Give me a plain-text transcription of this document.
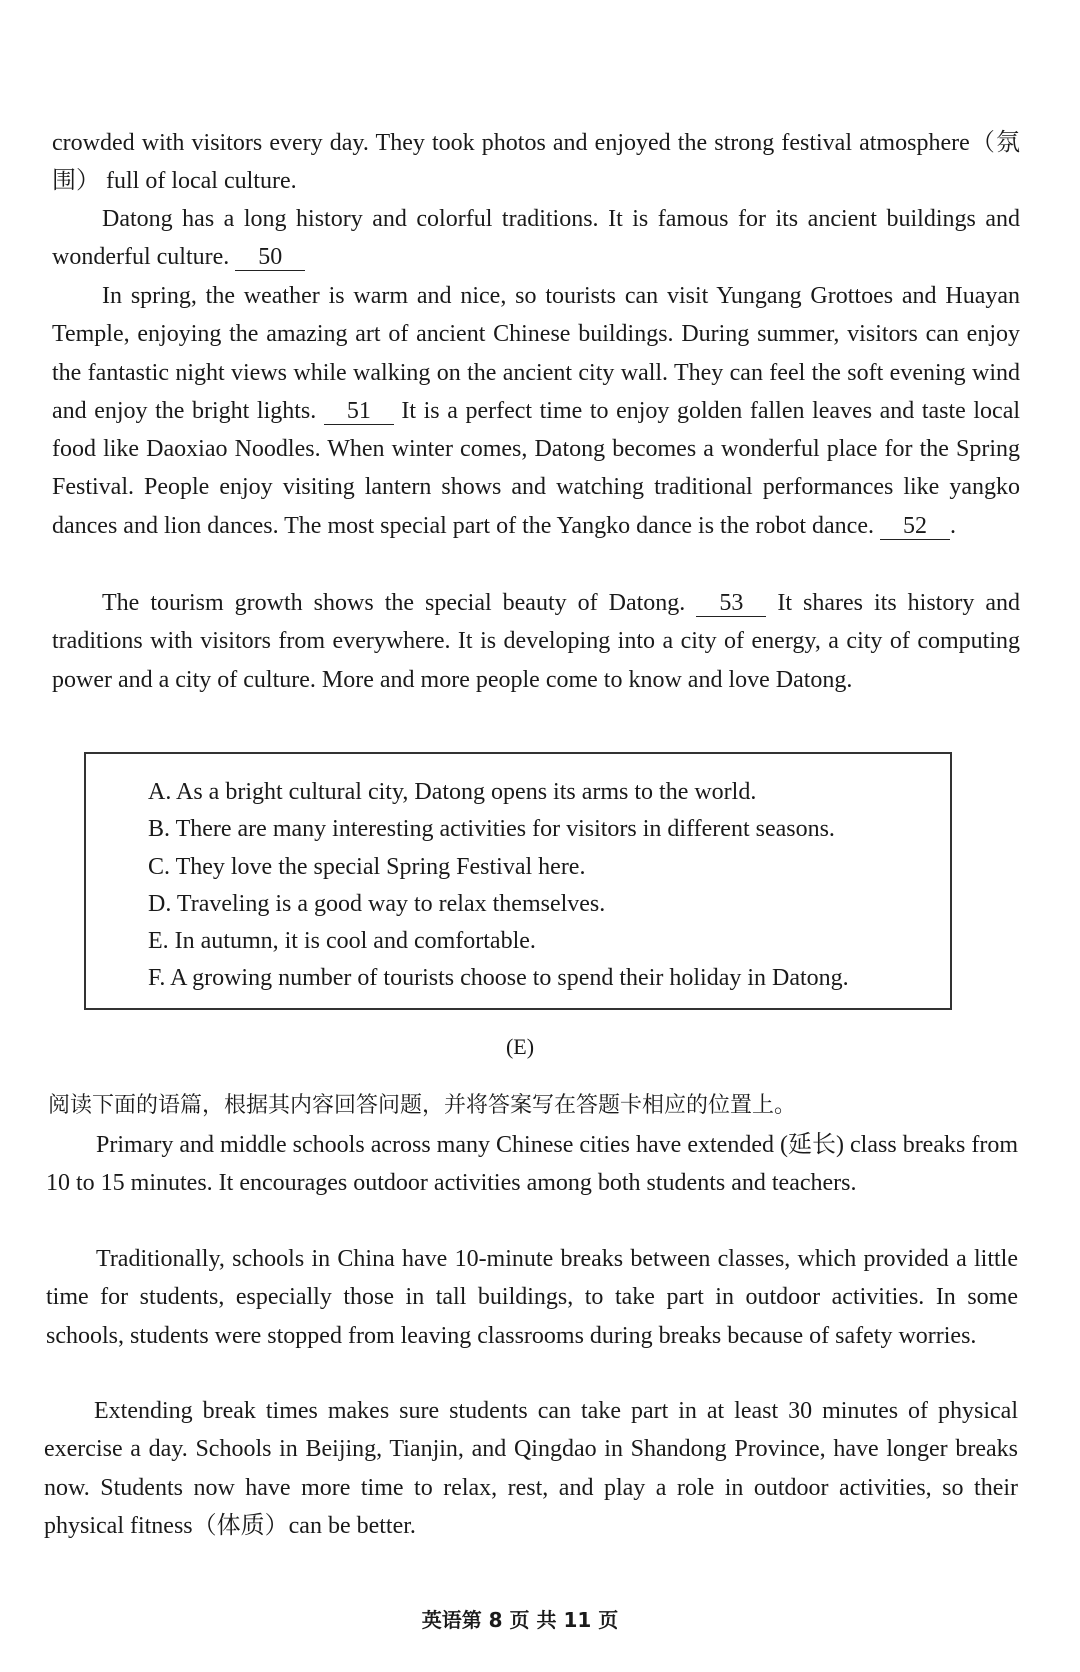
crowded with visitors every day. They took photos and enjoyed the strong festival atmosphere（氛围） full of local culture.
Datong has a long history and colorful traditions. It is famous for its ancient buildings and wonderful culture. 50
In spring, the weather is warm and nice, so tourists can visit Yungang Grottoes and Huayan Temple, enjoying the amazing art of ancient Chinese buildings. During summer, visitors can enjoy the fantastic night views while walking on the ancient city wall. They can feel the soft evening wind and enjoy the bright lights. 51 It is a perfect time to enjoy golden fallen leaves and taste local food like Daoxiao Noodles. When winter comes, Datong becomes a wonderful place for the Spring Festival. People enjoy visiting lantern shows and watching traditional performances like yangko dances and lion dances. The most special part of the Yangko dance is the robot dance. 52 .
The tourism growth shows the special beauty of Datong. 53 It shares its history and traditions with visitors from everywhere. It is developing into a city of energy, a city of computing power and a city of culture. More and more people come to know and love Datong.
A. As a bright cultural city, Datong opens its arms to the world.
B. There are many interesting activities for visitors in different seasons.
C. They love the special Spring Festival here.
D. Traveling is a good way to relax themselves.
E. In autumn, it is cool and comfortable.
F. A growing number of tourists choose to spend their holiday in Datong.
(E)
阅读下面的语篇，根据其内容回答问题，并将答案写在答题卡相应的位置上。
Primary and middle schools across many Chinese cities have extended (延长) class breaks from 10 to 15 minutes. It encourages outdoor activities among both students and teachers.
Traditionally, schools in China have 10-minute breaks between classes, which provided a little time for students, especially those in tall buildings, to take part in outdoor activities. In some schools, students were stopped from leaving classrooms during breaks because of safety worries.
Extending break times makes sure students can take part in at least 30 minutes of physical exercise a day. Schools in Beijing, Tianjin, and Qingdao in Shandong Province, have longer breaks now. Students now have more time to relax, rest, and play a role in outdoor activities, so their physical fitness（体质）can be better.
英语第 8 页 共 11 页
